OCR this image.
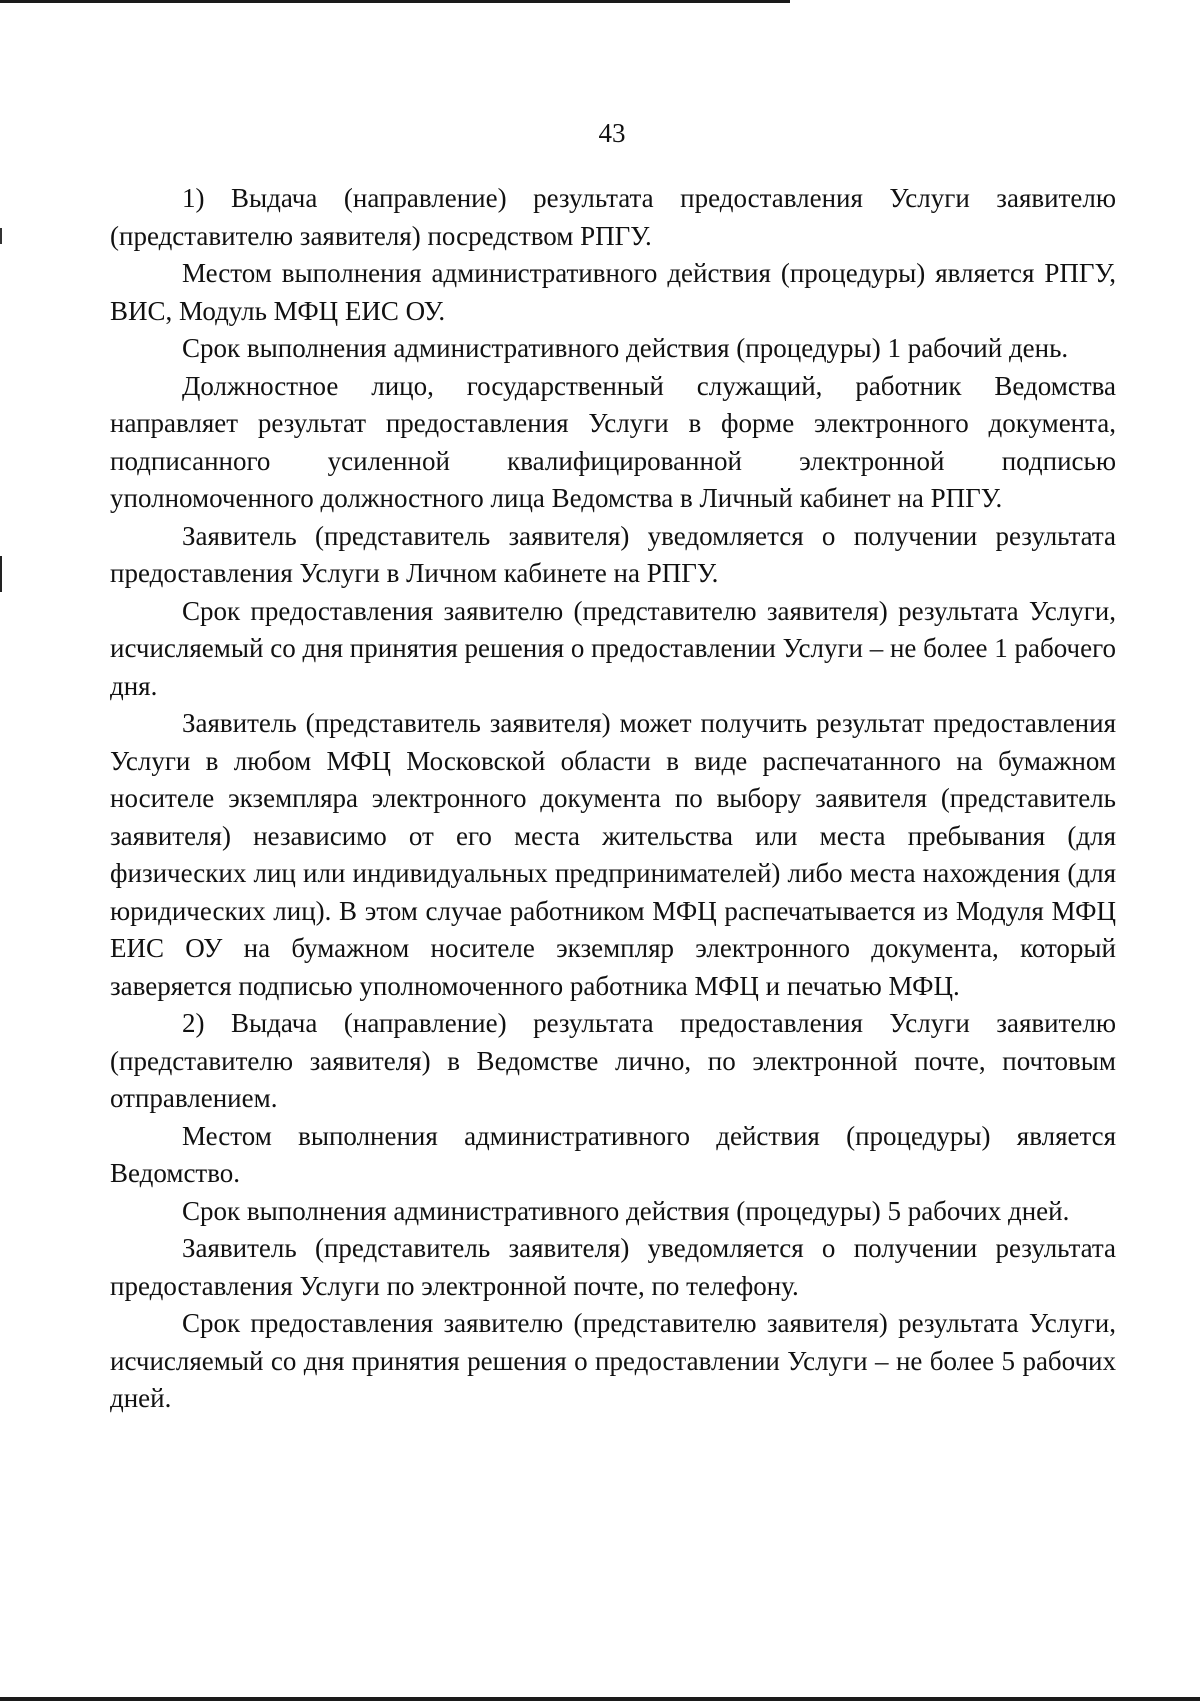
43

1) Выдача (направление) результата предоставления Услуги заявителю (представителю заявителя) посредством РПГУ.

Местом выполнения административного действия (процедуры) является РПГУ, ВИС, Модуль МФЦ ЕИС ОУ.

Срок выполнения административного действия (процедуры) 1 рабочий день.

Должностное лицо, государственный служащий, работник Ведомства направляет результат предоставления Услуги в форме электронного документа, подписанного усиленной квалифицированной электронной подписью уполномоченного должностного лица Ведомства в Личный кабинет на РПГУ.

Заявитель (представитель заявителя) уведомляется о получении результата предоставления Услуги в Личном кабинете на РПГУ.

Срок предоставления заявителю (представителю заявителя) результата Услуги, исчисляемый со дня принятия решения о предоставлении Услуги – не более 1 рабочего дня.

Заявитель (представитель заявителя) может получить результат предоставления Услуги в любом МФЦ Московской области в виде распечатанного на бумажном носителе экземпляра электронного документа по выбору заявителя (представитель заявителя) независимо от его места жительства или места пребывания (для физических лиц или индивидуальных предпринимателей) либо места нахождения (для юридических лиц). В этом случае работником МФЦ распечатывается из Модуля МФЦ ЕИС ОУ на бумажном носителе экземпляр электронного документа, который заверяется подписью уполномоченного работника МФЦ и печатью МФЦ.

2) Выдача (направление) результата предоставления Услуги заявителю (представителю заявителя) в Ведомстве лично, по электронной почте, почтовым отправлением.

Местом выполнения административного действия (процедуры) является Ведомство.

Срок выполнения административного действия (процедуры) 5 рабочих дней.

Заявитель (представитель заявителя) уведомляется о получении результата предоставления Услуги по электронной почте, по телефону.

Срок предоставления заявителю (представителю заявителя) результата Услуги, исчисляемый со дня принятия решения о предоставлении Услуги – не более 5 рабочих дней.
